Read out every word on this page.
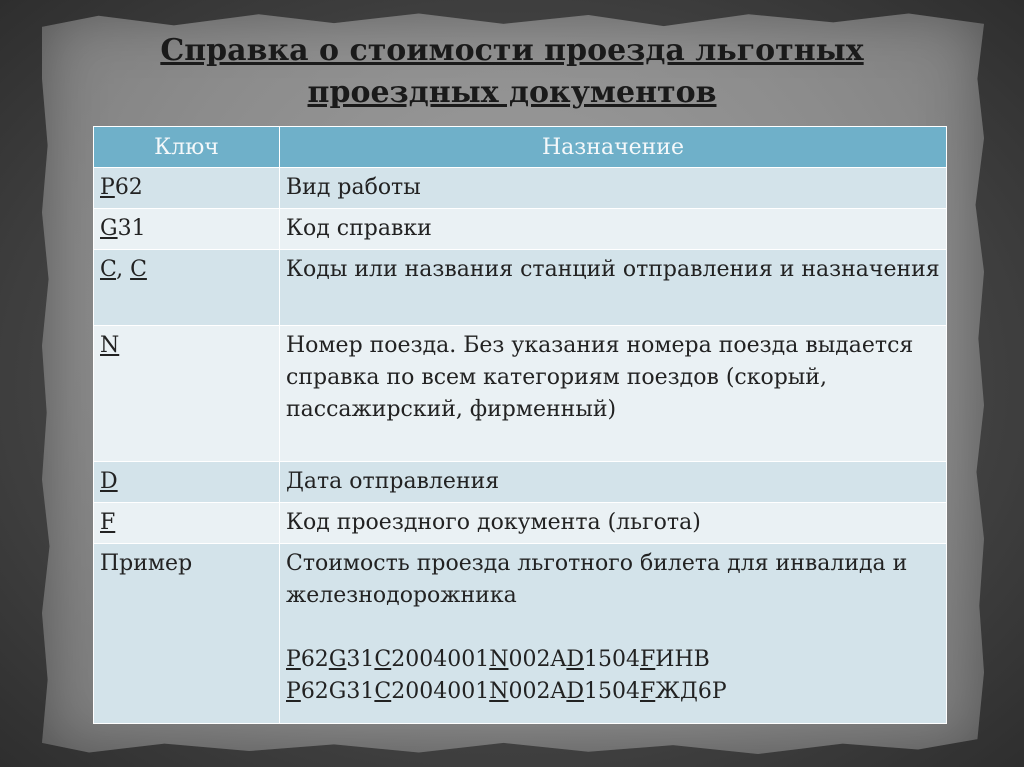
Справка о стоимости проезда льготных
проездных документов
Ключ	Назначение
P62	Вид работы
G31	Код справки
C, C	Коды или названия станций отправления и назначения
N	Номер поезда. Без указания номера поезда выдается справка по всем категориям поездов (скорый, пассажирский, фирменный)
D	Дата отправления
F	Код проездного документа (льгота)
Пример	Стоимость проезда льготного билета для инвалида и железнодорожника
P62G31C2004001N002AD1504FИНВ
P62G31C2004001N002AD1504FЖД6Р
